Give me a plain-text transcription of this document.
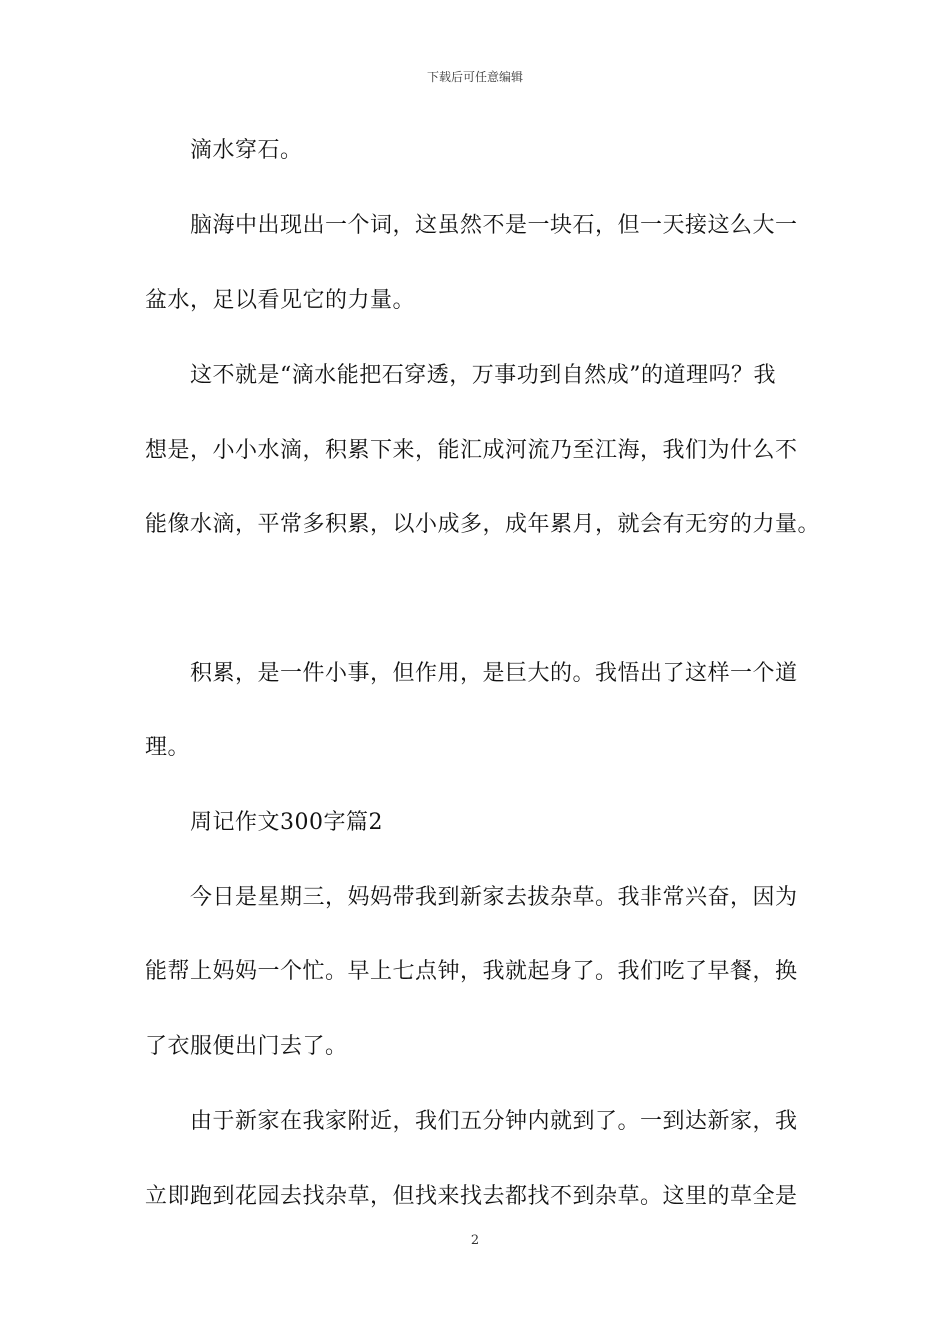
下载后可任意编辑
滴水穿石。
脑海中出现出一个词，这虽然不是一块石，但一天接这么大一
盆水，足以看见它的力量。
这不就是“滴水能把石穿透，万事功到自然成”的道理吗？我
想是，小小水滴，积累下来，能汇成河流乃至江海，我们为什么不
能像水滴，平常多积累，以小成多，成年累月，就会有无穷的力量。
积累，是一件小事，但作用，是巨大的。我悟出了这样一个道
理。
周记作文300字篇2
今日是星期三，妈妈带我到新家去拔杂草。我非常兴奋，因为
能帮上妈妈一个忙。早上七点钟，我就起身了。我们吃了早餐，换
了衣服便出门去了。
由于新家在我家附近，我们五分钟内就到了。一到达新家，我
立即跑到花园去找杂草，但找来找去都找不到杂草。这里的草全是
2
